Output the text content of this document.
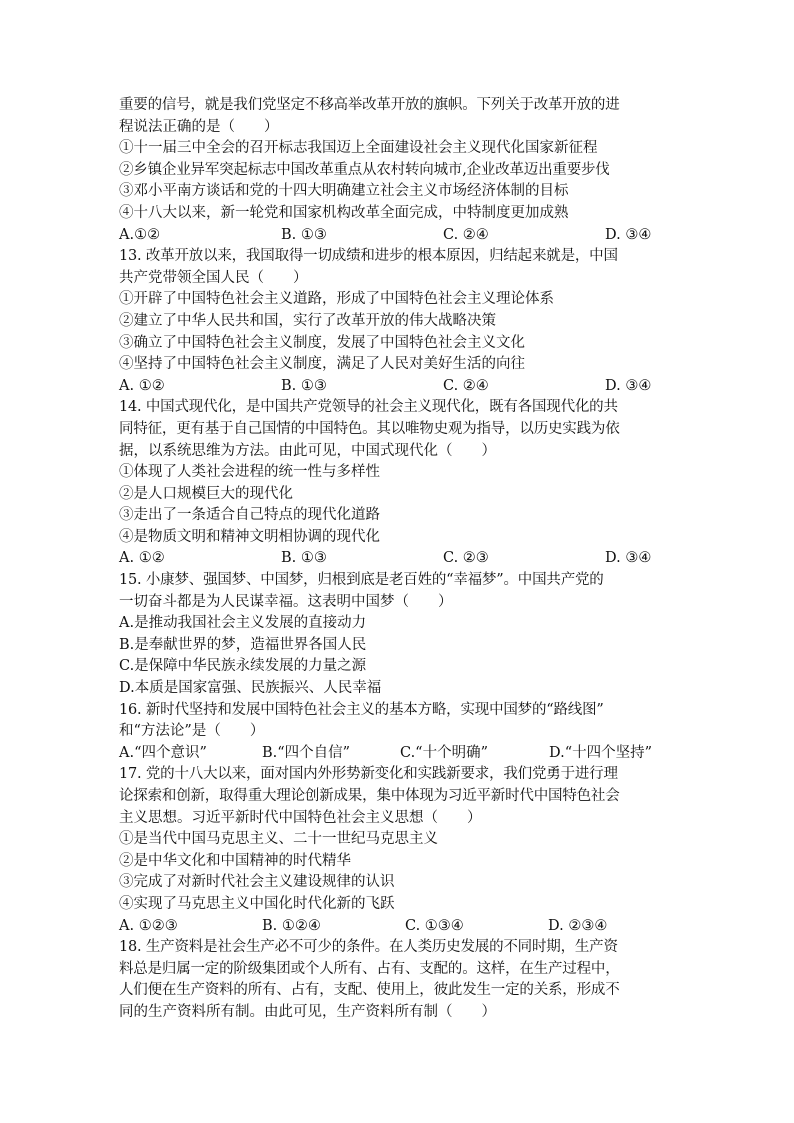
重要的信号，就是我们党坚定不移高举改革开放的旗帜。下列关于改革开放的进
程说法正确的是（　　）
①十一届三中全会的召开标志我国迈上全面建设社会主义现代化国家新征程
②乡镇企业异军突起标志中国改革重点从农村转向城市,企业改革迈出重要步伐
③邓小平南方谈话和党的十四大明确建立社会主义市场经济体制的目标
④十八大以来，新一轮党和国家机构改革全面完成，中特制度更加成熟
A.①②	B. ①③	C. ②④	D. ③④
13. 改革开放以来，我国取得一切成绩和进步的根本原因，归结起来就是，中国
共产党带领全国人民（　　）
①开辟了中国特色社会主义道路，形成了中国特色社会主义理论体系
②建立了中华人民共和国，实行了改革开放的伟大战略决策
③确立了中国特色社会主义制度，发展了中国特色社会主义文化
④坚持了中国特色社会主义制度，满足了人民对美好生活的向往
A. ①②	B. ①③	C. ②④	D. ③④
14. 中国式现代化，是中国共产党领导的社会主义现代化，既有各国现代化的共
同特征，更有基于自己国情的中国特色。其以唯物史观为指导，以历史实践为依
据，以系统思维为方法。由此可见，中国式现代化（　　）
①体现了人类社会进程的统一性与多样性
②是人口规模巨大的现代化
③走出了一条适合自己特点的现代化道路
④是物质文明和精神文明相协调的现代化
A. ①②	B. ①③	C. ②③	D. ③④
15. 小康梦、强国梦、中国梦，归根到底是老百姓的“幸福梦”。中国共产党的
一切奋斗都是为人民谋幸福。这表明中国梦（　　）
A.是推动我国社会主义发展的直接动力
B.是奉献世界的梦，造福世界各国人民
C.是保障中华民族永续发展的力量之源
D.本质是国家富强、民族振兴、人民幸福
16. 新时代坚持和发展中国特色社会主义的基本方略，实现中国梦的“路线图”
和“方法论”是（　　）
A.“四个意识”	B.“四个自信”	C.“十个明确”	D.“十四个坚持”
17. 党的十八大以来，面对国内外形势新变化和实践新要求，我们党勇于进行理
论探索和创新，取得重大理论创新成果，集中体现为习近平新时代中国特色社会
主义思想。习近平新时代中国特色社会主义思想（　　）
①是当代中国马克思主义、二十一世纪马克思主义
②是中华文化和中国精神的时代精华
③完成了对新时代社会主义建设规律的认识
④实现了马克思主义中国化时代化新的飞跃
A. ①②③	B. ①②④	C. ①③④	D. ②③④
18. 生产资料是社会生产必不可少的条件。在人类历史发展的不同时期，生产资
料总是归属一定的阶级集团或个人所有、占有、支配的。这样，在生产过程中，
人们便在生产资料的所有、占有，支配、使用上，彼此发生一定的关系，形成不
同的生产资料所有制。由此可见，生产资料所有制（　　）
